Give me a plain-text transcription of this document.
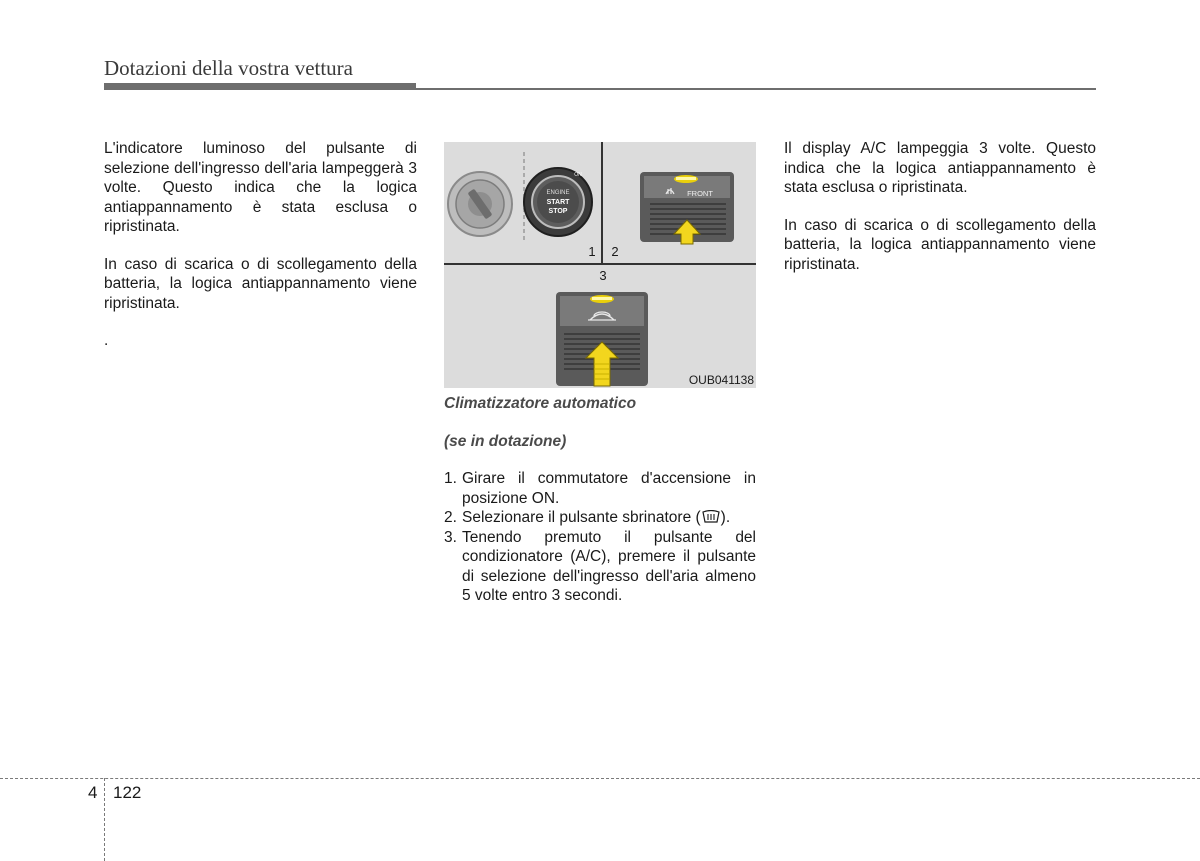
Dotazioni della vostra vettura

L'indicatore luminoso del pulsante di selezione dell'ingresso dell'aria lampeggerà 3 volte. Questo indica che la logica antiappannamento è stata esclusa o ripristinata.

In caso di scarica o di scollegamento della batteria, la logica antiappannamento viene ripristinata.

.

ENGINE
START
STOP
ON
FRONT
1 2
3
OUB041138

Climatizzatore automatico

(se in dotazione)

1. Girare il commutatore d'accensione in posizione ON.
2. Selezionare il pulsante sbrinatore ( ).
3. Tenendo premuto il pulsante del condizionatore (A/C), premere il pulsante di selezione dell'ingresso dell'aria almeno 5 volte entro 3 secondi.

Il display A/C lampeggia 3 volte. Questo indica che la logica antiappannamento è stata esclusa o ripristinata.

In caso di scarica o di scollegamento della batteria, la logica antiappannamento viene ripristinata.

4 122
